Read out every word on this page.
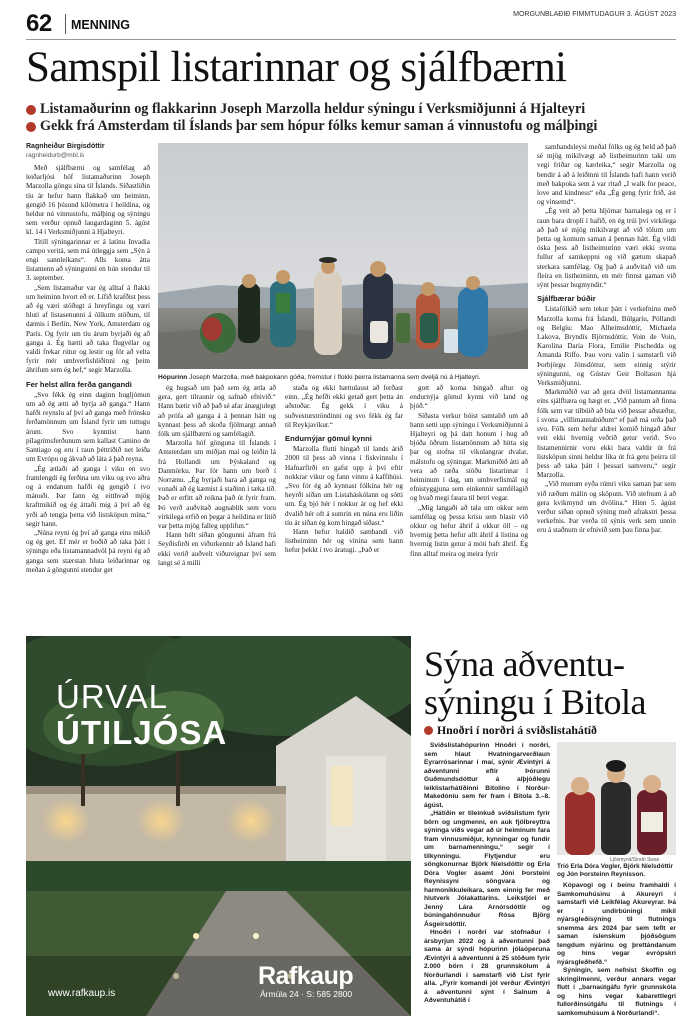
62 MENNING
MORGUNBLAÐIÐ FIMMTUDAGUR 3. ÁGÚST 2023
Samspil listarinnar og sjálfbærni
Listamaðurinn og flakkarinn Joseph Marzolla heldur sýningu í Verksmiðjunni á Hjalteyri
Gekk frá Amsterdam til Íslands þar sem hópur fólks kemur saman á vinnustofu og málþingi
Ragnheiður Birgisdóttir
ragnheidurb@mbl.is

Með sjálfbærni og samfélag að leiðarljósi hóf listamaðurinn Joseph Marzolla göngu sína til Íslands. Síðastliðin tíu ár hefur hann flakkað um heiminn, gengið 16 þúsund kílómetra í heildina, og heldur nú vinnustofu, málþing og sýningu sem verður opnuð laugardaginn 5. ágúst kl. 14 í Verksmiðjunni á Hjalteyri.

Titill sýningarinnar er á latínu Invadia campo veritá, sem má útleggja sem „Sýn á engi sannleikans“. Alls koma átta listamenn að sýningunni en hún stendur til 3. september.

„Sem listamaður var ég alltaf á flakki um heiminn hvort eð er. Lífið krafðist þess að ég væri stöðugt á hreyfingu og væri hluti af listasenunni á ólíkum stöðum, til dæmis í Berlín, New York, Amsterdam og París. Og fyrir um tíu árum byrjaði ég að ganga á. Ég hætti að taka flugvélar og valdi frekar rútur og lestir og fór að velta fyrir mér umhverfishliðinni og þeim áhrifum sem ég hef,“ segir Marzolla.

Fer helst allra ferða gangandi

„Svo fékk ég einn daginn hugljómun um að ég ætti að byrja að ganga.“ Hann hafði reynslu af því að ganga með frönsku ferðamönnum um Ísland fyrir um tuttugu árum. Svo kynntist hann pílagrímsferðunum sem kallast Camino de Santiago og eru í raun þéttriðið net leiða um Evrópu og ákvað að láta á það reyna.

„Ég ætlaði að ganga í viku en svo framlengdi ég ferðina um viku og svo aðra og á endanum hafði ég gengið í tvo mánuði. Þar fann ég eitthvað mjög kraftmikið og ég áttaði mig á því að ég yrði að tengja þetta við listsköpun mína,“ segir hann.

„Núna reyni ég því að ganga eins mikið og ég get. Ef mér er boðið að taka þátt í sýningu eða listamannadvöl þá reyni ég að ganga sem stærstan hluta leiðarinnar og meðan á göngunni stendur get

Hópurinn Joseph Marzolla, með bakpokann góða, fremstur í flokki þeirra listamanna sem dveljá nú á Hjalteyri.

ég hugsað um það sem ég ætla að gera, gert tilraunir og safnað efnivið.“ Hann bætir við að það sé afar ánægjulegt að prófa að ganga á á þennan hátt og kynnast þess að skoða fjölmargt annað fólk um sjálfbærni og samfélagið.

Marzolla hóf gönguna til Íslands í Amsterdam um miðjan maí og leiðin lá frá Hollandi um Þýskaland og Danmörku. Þar fór hann um borð í Norrænu. „Ég byrjaði bara að ganga og vonaði að ég kæmist á staðinn í tæka tíð. Það er erfitt að reikna það út fyrir fram. Þó verð auðvitað augnablik sem voru virkilega erfið en þegar á heildina er litið var þetta mjög falleg upplifun.“

Hann hélt síðan göngunni áfram frá Seyðisfirði en viðurkennir að Ísland hafi ekki verið auðvelt viðureignar því sem langt sé á milli

staða og ekki hættulaust að ferðast einn. „Ég hefði ekki getað gert þetta án aðstoðar. Ég gekk í viku á suðvesturströndinni og svo fékk ég far til Reykjavíkur.“

Endurnýjar gömul kynni

Marzolla flutti hingað til lands árið 2000 til þess að vinna í fiskvinnslu í Hafnarfirði en gafst upp á því eftir nokkrar vikur og fann vinnu á kaffihúsi. „Svo fór ég að kynnast fólkina hér og heyrði síðan um Listaháskólann og sótti um. Ég bjó hér í nokkur ár og hef ekki dvalið hér oft á sumrin en núna eru liðin tíu ár síðan ég kom hingað síðast.“

Hann hefur haldið sambandi við listheiminn hér og vinina sem hann hefur þekkt í tvo áratugi. „Það er

gott að koma hingað aftur og endurnýja gömul kynni við land og þjóð.“

Síðasta verkur bóist samtalið um að hann setti upp sýningu í Verksmiðjunni á Hjalteyri og þá datt honum í hug að bjóða öðrum listamönnum að hitta sig þar og stofna til vikulangrar dvalar, málstofu og sýningar. Markmiðið átti að vera að ræða stöðu listarinnar í heiminum í dag, um umhverfismál og efnistyggjuna sem einkennir samfélagið og hvað megi fæara til betri vegar.

„Mig langaði að tala um okkur sem samfélag og þessa krísu sem blasir við okkur og hefur áhrif á okkur öll – og hvernig þetta hefur allt áhrif á listina og hvernig listin getur á móti haft áhrif. Ég finn alltaf meira og meira fyrir

sambandsleysi meðal fólks og ég held að það sé mjög mikilvægt að listheimurinn taki um vegi friðar og kærleika,“ segir Marzolla og bendir á að á leiðinni til Íslands hafi hann verið með bakpoka sem á var ritað „I walk for peace, love and kindness“ eða „Ég geng fyrir frið, ást og vinsemd“.

„Ég veit að þetta hljómar barnalega og er í raun bara droplí í hafið, en ég trúi því virkilega að það sé mjög mikilvægt að við tölum um þetta og komum saman á þennan hátt. Ég vildi óska þess að listheimurinn væri ekki svona fullur af samkeppni og við gætum skapað sterkara samfélag. Og það á auðvitað við um fleira en listheiminn, en mér finnst gaman við sýnt þessar hugmyndir.“

Sjálfbærar búðir

Listafólkið sem tekur þátt í verkefninu með Marzolla koma frá Íslandi, Búlgaríu, Póllandi og Belgíu: Mao Alheimsdóttir, Michaela Lakova, Bryndís Björnsdóttir, Voin de Voin, Karolina Daria Flora, Emilie Pischedda og Amanda Riffo. Þau voru valin í samstarfi við Þorbjörgu Jónsdóttur, sem einnig stýrir sýningunni, og Gústav Geir Bollason hjá Verksmiðjunni.

Markmiðið var að gera dvöl listamannanna eins sjálfbæra og hægt er. „Við pantum að finna fólk sem var tilbúið að búa við þessar aðstæður, í svona „villimannabúðum“ ef það má orða það svo. Fólk sem hefur aldrei komið hingað áður veit ekki hvernig veðrið getur verið. Svo listamennirnir voru ekki bara valdir út frá listsköpun sinni heldur líka út frá getu þeirra til þess að taka þátt í þessari samveru,“ segir Marzolla.

„Við munum eyða rúmri viku saman þar sem við ræðum málin og sköpum. Við stefnum á að gera kvikmynd um dvölina.“ Hinn 5. ágúst verður síðan opnuð sýning með afrakstri þessa verkefnis. Þar verða til sýnis verk sem unnin eru á staðnum úr efnivið sem þau finna þar.

ÚRVAL
ÚTILJÓSA
www.rafkaup.is
Rafkaup
Ármúla 24 · S: 585 2800
Sýna aðventusýningu í Bitola
Hnoðri í norðri á sviðslistahátíð

Sviðslistahópurinn Hnoðri í norðri, sem hlaut Hvatningarverðlaun Eyrarrósarinnar í maí, sýnir Ævintýri á aðventunni eftir Þórunni Guðmundsdóttur á alþjóðlegu leiklistarhátíðinni Bitolino í Norður-Makedóníu sem fer fram í Bitola 3.–8. ágúst.

„Hátíðin er tileinkuð sviðslistum fyrir börn og ungmenni, en auk fjölbreyttra sýninga víðs vegar að úr heiminum fara fram vinnusmiðjur, kynningar og fundir um barnamenningu,“ segir í tilkynningu. Flytjendur eru söngkonurnar Björk Níelsdóttir og Erla Dóra Vogler ásamt Jóni Þorsteini Reynissyni söngvara og harmonikkuleikara, sem einnig fer með hlutverk Jólakattarins. Leikstjóri er Jenný Lára Arnórsdóttir og búningahönnuður Rósa Björg Ásgeirsdóttir.

Hnoðri í norðri var stofnaður í ársbyrjun 2022 og á aðventunni það sama ár sýndi hópurinn jólaóperuna Ævintýri á aðventunni á 25 stöðum fyrir 2.000 börn í 28 grunnskólum á Norðurlandi í samstarfi við List fyrir alla. „Fyrir komandi jól verður Ævintýri á aðventunni sýnt í Salnum á Aðventuhátíð í

Ljósmynd/Sindri Swan
Tríó Erla Dóra Vogler, Björk Níelsdóttir og Jón Þorsteinn Reynisson.

Kópavogi og í beinu framhaldi í Samkomuhúsinu á Akureyri í samstarfi við Leikfélag Akureyrar. Þá er í undirbúningi mikil nýársgleðisýning til flutnings snemma árs 2024 þar sem teflt er saman íslenskum þjóðsögum tengdum nýárinu og þrettándanum og hins vegar evrópskri nýársgleðhefð.“

Sýningin, sem nefnist Skoffín og skringilmenni, verður annars vegar flutt í „barnaútgáfu fyrir grunnskóla og hins vegar kabarettlegri fullorðinsútgáfu til flutnings í samkomuhúsum á Norðurlandi“.
